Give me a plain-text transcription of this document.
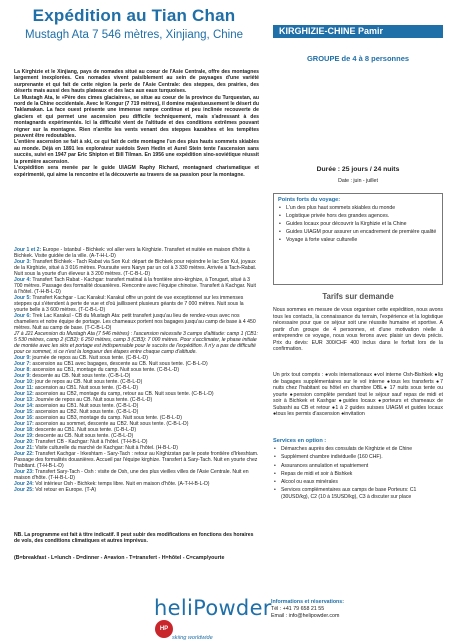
Expédition au Tian Chan
Mustagh Ata 7 546 mètres, Xinjiang, Chine	KIRGHIZIE-CHINE Pamir
GROUPE de 4 à 8 personnes

La Kirghizie et le Xinjiang, pays de nomades situé au coeur de l'Asie Centrale, offre des montagnes largement inexplorées. Ces nomades vivent paisiblement au sein de paysages d'une variété surprenante et qui fait de cette région la perle de l'Asie Centrale: des steppes, des prairies, des déserts mais aussi des hauts plateaux et des lacs aux eaux turquoises.

Le Mustagh Ata, le «Père des cimes glaciaires», se situe au coeur de la province du Turquestan, au nord de la Chine occidentale. Avec le Kongur (7 719 mètres), il domine majestueusement le désert du Taklamakan. La face ouest présente une immense rampe continue et peu inclinée recouverte de glaciers et qui permet une ascension peu difficile techniquement, mais s'adressant à des montagnards expérimentés. Ici la difficulté vient de l'altitude et des conditions extrêmes pouvant régner sur la montagne. Rien n'arrête les vents venant des steppes kazakhes et les tempêtes peuvent être redoutables.

L'entière ascension se fait à ski, ce qui fait de cette montagne l'un des plus hauts sommets skiables au monde. Déjà en 1891 les explorateur suédois Sven Hedin et Aurel Stein tente l'ascension sans succès, suivi en 1947 par Eric Shipton et Bill Tilman. En 1956 une expédition sino-soviétique réussit la première ascension.

L'expédition sera menée par le guide UIAGM Raphy Richard, montagnard charismatique et expérimenté, qui aime la rencontre et la découverte au travers de sa passion pour la montagne.

Durée : 25 jours / 24 nuits
Date : juin - juillet
Points forts du voyage:
• L'un des plus haut sommets skiables du monde
• Logistique privée hors des grandes agences.
• Guides locaux pour découvrir la Kirghizie et la Chine
• Guides UIAGM pour assurer un encadrement de première qualité
• Voyage à forte valeur culturelle
Tarifs sur demande
Nous sommes en mesure de vous organiser cette expédition, nous avons tous les contacts, la connaissance du terrain, l'expérience et la logistique nécessaire pour que ce séjour soit une réussite humaine et sportive. A partir d'un groupe de 4 personnes, et d'une motivation réelle à entreprendre ce voyage, nous vous ferons avec plaisir un devis précis. Prix du devis: EUR 300/CHF 400 inclus dans le forfait lors de la confirmation.
Un prix tout compris : ●vols internationaux ●vol interne Osh-Bishkek ●lig de bagages supplémentaires sur le vol interne ●tous les transferts ●7 nuits chez l'habitant ou hôtel en chambre DBL● 17 nuits sous tente ou yourte ●pension complète pendant tout le séjour sauf repas de midi et soir à Bichkek et Kashgar ●guides locaux ●porteurs et chameaux de Subashi au CB et retour ●1 à 2 guides suisses UIAGM et guides locaux ●tous les permis d'ascension ●invitation
Services en option :
• Démarches auprès des consulats de Kirghizie et de Chine
• Supplément chambre individuelle (160 CHF).
• Assurances annulation et rapatriement
• Repas de midi et soir à Bishkek
• Alcool ou eaux minérales
• Services complémentaires aux camps de base Porteurs: C1 (30USD/kg), C2 (10 à 15USD/kg), C3 à discuter sur place
Jour 1 et 2: Europe - Istanbul - Bichkek: vol aller vers la Kirghizie. Transfert et nuitée en maison d'hôte à Bichkek. Visite guidée de la ville. (A-T-H-L-D)
Jour 3: Transfert Bichkek - Tach Rabat via Son Kul: départ de Bichkek pour rejoindre le lac Son Kul, joyaux de la Kirghizie, situé à 3 016 mètres. Poursuite vers Naryn par un col à 3 330 mètres. Arrivée à Tach-Rabat. Nuit sous la yourte d'un éleveur à 3 200 mètres. (T-C-B-L-D)
Jour 4: Transfert Tach Rabat - Kachgar: transfert matinal à la frontière sino-kirghize, à Torugart, situé à 3 700 mètres. Passage des formalité douanières. Rencontre avec l'équipe chinoise. Transfert à Kachgar. Nuit à l'hôtel. (T-H-B-L-D)
Jour 5: Transfert Kachgar - Lac Karakul: Karakul offre un point de vue exceptionnel sur les immenses steppes qui s'étendent à perte de vue et d'où jaillissent plusieurs géants de 7 000 mètres. Nuit sous la yourte belle à 3 600 mètres. (T-C-B-L-D)
Jour 6: Trek Lac Karakul - CB du Mustagh Ata: petit transfert jusqu'au lieu de rendez-vous avec nos chameliers et notre équipe de portage. Les chameaux portent nos bagages jusqu'au camp de base à 4 450 mètres. Nuit au camp de base. (T-C-B-L-D)
J7 à J21 Ascension du Mustagh Ata (7 546 mètres) : l'ascension nécessite 3 camps d'altitude: camp 1 (CB1: 5 530 mètres, camp 2 (CB2): 6 250 mètres, camp 3 (CB3): 7 000 mètres. Pour s'acclimater, le phase initiale de montée avec les skis et portage est indispensable pour le succès de l'expédition. Il n'y a pas de difficulté pour ce sommet, si ce n'est la longueur des étapes entre chaque camp d'altitude.
Jour 9: journée de repos au CB. Nuit sous tente. (C-B-L-D)
Jour 7: ascension au CB1 avec bagages, descente au CB. Nuit sous tente. (C-B-L-D)
Jour 8: ascension au CB1, montage du camp. Nuit sous tente. (C-B-L-D)
Jour 9: descente au CB. Nuit sous tente. (C-B-L-D)
Jour 10: jour de repos au CB. Nuit sous tente. (C-B-L-D)
Jour 11: ascension au CB1. Nuit sous tente. (C-B-L-D)
Jour 12: ascension au CB2, montage du camp, retour au CB. Nuit sous tente. (C-B-L-D)
Jour 13: Journée de repos au CB. Nuit sous tente. (C-B-L-D)
Jour 14: ascension au CB1. Nuit sous tente. (C-B-L-D)
Jour 15: ascension au CB2. Nuit sous tente. (C-B-L-D)
Jour 16: ascension au CB3, montage du camp. Nuit sous tente. (C-B-L-D)
Jour 17: ascension au sommet, descente au CB2. Nuit sous tente. (C-B-L-D)
Jour 18: descente au CB1. Nuit sous tente. (C-B-L-D)
Jour 19: descente au CB. Nuit sous tente. (C-B-L-D)
Jour 20: Transfert CB - Kachgar: Nuit à l'hôtel. (T-H-B-L-D)
Jour 21: Visite culturelle du marché de Kachgar: Nuit à l'hôtel. (H-B-L-D)
Jour 22: Transfert Kachgar - Irkeshtam - Sary-Tach : retour au Kirghizstan par le poste frontière d'Irkeshtam. Passage des formalités douanières. Accueil par l'équipe kirghize. Transfert à Sary-Tach. Nuit en yourte chez l'habitant. (T-H-B-L-D)
Jour 23: Transfert Sary-Tach - Osh : visite de Osh, une des plus vieilles villes de l'Asie Centrale. Nuit en maison d'hôte. (T-H-B-L-D)
Jour 24: Vol intérieur Osh - Bichkek: temps libre. Nuit en maison d'hôte. (A-T-H-B-L-D)
Jour 25: Vol retour en Europe. (T-A)
NB. La programme est fait à titre indicatif. Il peut subir des modifications en fonctions des horaires de vols, des conditions climatiques et autres imprévus.
(B=breakfast - L=lunch - D=dinner - A=avion - T=transfert - H=hôtel - C=camp/yourte
heliPowderHP
skiing worldwide
Informations et réservations:
Tél : +41 79 658 21 55
Email : info@helipowder.com
